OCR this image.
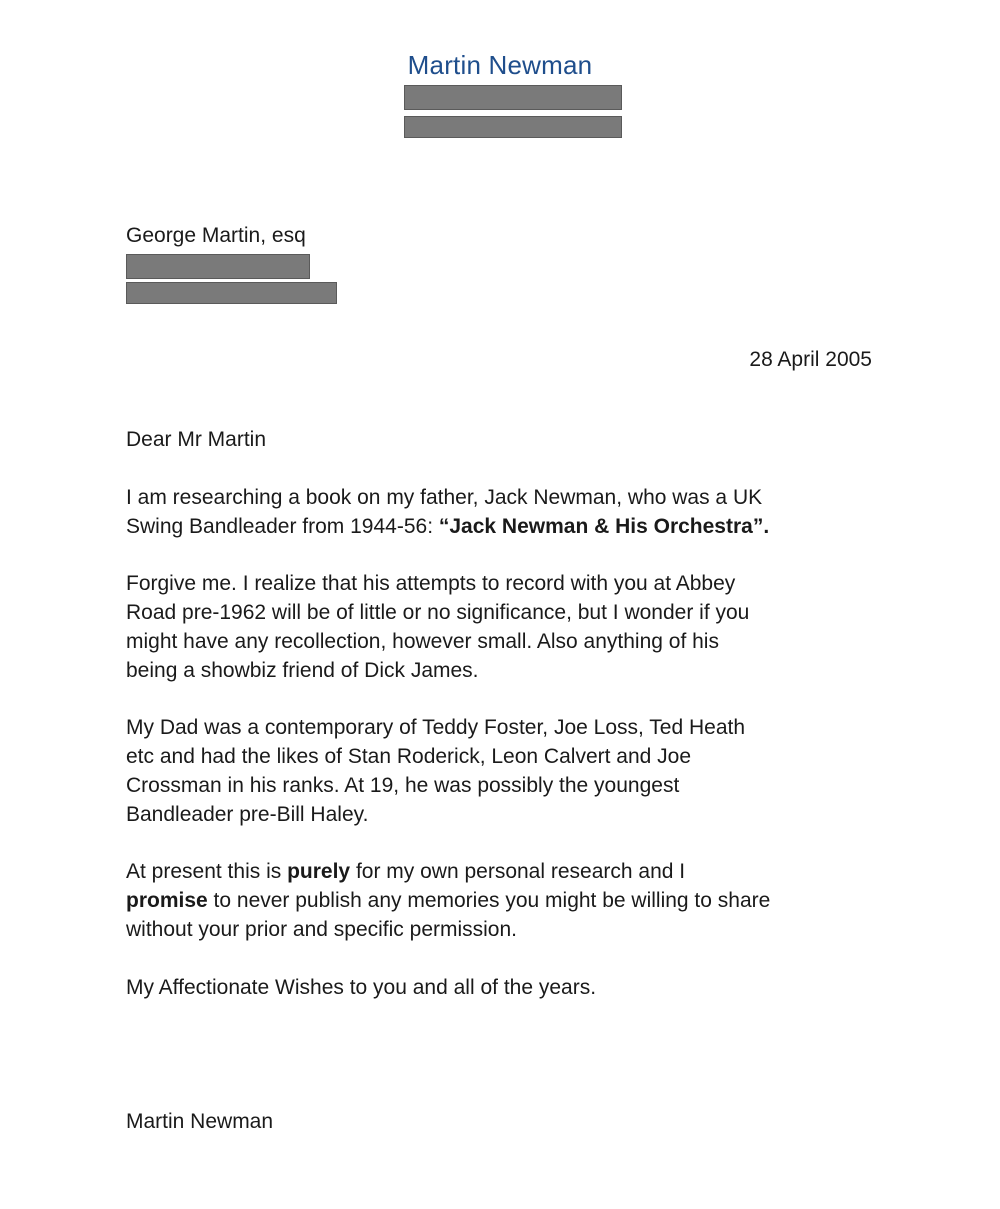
Martin Newman

George Martin, esq

28 April 2005

Dear Mr Martin

I am researching a book on my father, Jack Newman, who was a UK
Swing Bandleader from 1944-56: “Jack Newman & His Orchestra”.

Forgive me. I realize that his attempts to record with you at Abbey
Road pre-1962 will be of little or no significance, but I wonder if you
might have any recollection, however small. Also anything of his
being a showbiz friend of Dick James.

My Dad was a contemporary of Teddy Foster, Joe Loss, Ted Heath
etc and had the likes of Stan Roderick, Leon Calvert and Joe
Crossman in his ranks. At 19, he was possibly the youngest
Bandleader pre-Bill Haley.

At present this is purely for my own personal research and I
promise to never publish any memories you might be willing to share
without your prior and specific permission.

My Affectionate Wishes to you and all of the years.

Martin Newman
